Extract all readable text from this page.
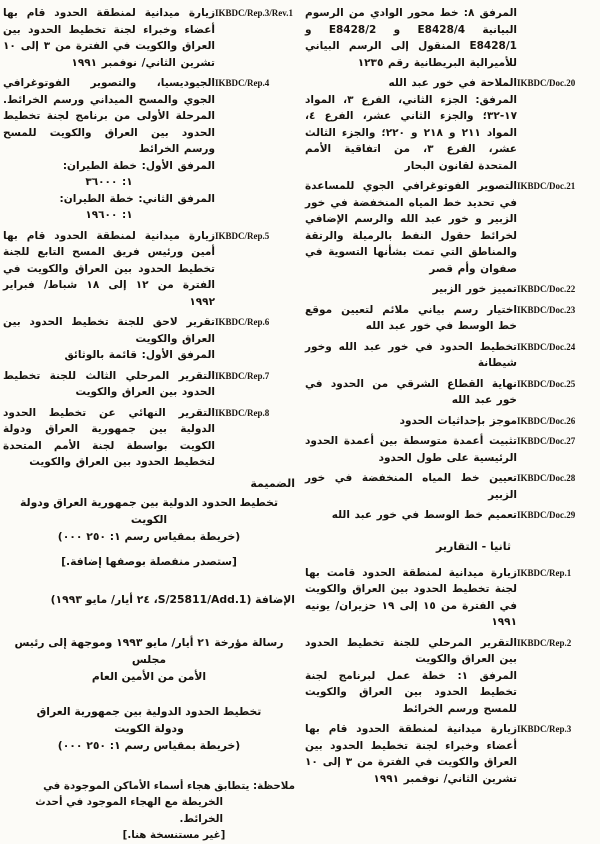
المرفق ٨: خط محور الوادي من الرسوم البيانية E8428/4 و E8428/2 و E8428/1 المنقول إلى الرسم البياني للأميرالية البريطانية رقم ١٢٣٥

IKBDC/Doc.20

الملاحة في خور عبد الله

المرفق: الجزء الثاني، الفرع ٣، المواد ١٧-٣٢؛ والجزء الثاني عشر، الفرع ٤، المواد ٢١١ و ٢١٨ و ٢٢٠؛ والجزء الثالث عشر، الفرع ٣، من اتفاقية الأمم المتحدة لقانون البحار

IKBDC/Doc.21

التصوير الفوتوغرافي الجوي للمساعدة في تحديد خط المياه المنخفضة في خور الزبير و خور عبد الله والرسم الإضافي لخرائط حقول النفط بالرميلة والرتقة والمناطق التي تمت بشأنها التسوية في صفوان وأم قصر

IKBDC/Doc.22

تمييز خور الزبير

IKBDC/Doc.23

اختيار رسم بياني ملائم لتعيين موقع خط الوسط في خور عبد الله

IKBDC/Doc.24

تخطيط الحدود في خور عبد الله وخور شيطانة

IKBDC/Doc.25

نهاية القطاع الشرقي من الحدود في خور عبد الله

IKBDC/Doc.26

موجز بإحداثيات الحدود

IKBDC/Doc.27

تثبيت أعمدة متوسطة بين أعمدة الحدود الرئيسية على طول الحدود

IKBDC/Doc.28

تعيين خط المياه المنخفضة في خور الزبير

IKBDC/Doc.29

تعميم خط الوسط في خور عبد الله

ثانيا - التقارير
IKBDC/Rep.1

زيارة ميدانية لمنطقة الحدود قامت بها لجنة تخطيط الحدود بين العراق والكويت في الفترة من ١٥ إلى ١٩ حزيران/ يونيه ١٩٩١

IKBDC/Rep.2

التقرير المرحلي للجنة تخطيط الحدود بين العراق والكويت

المرفق ١: خطة عمل لبرنامج لجنة تخطيط الحدود بين العراق والكويت للمسح ورسم الخرائط

IKBDC/Rep.3

زيارة ميدانية لمنطقة الحدود قام بها أعضاء وخبراء لجنة تخطيط الحدود بين العراق والكويت في الفترة من ٣ إلى ١٠ تشرين الثاني/ نوفمبر ١٩٩١

IKBDC/Rep.3/Rev.1

زيارة ميدانية لمنطقة الحدود قام بها أعضاء وخبراء لجنة تخطيط الحدود بين العراق والكويت في الفترة من ٣ إلى ١٠ تشرين الثاني/ نوفمبر ١٩٩١

IKBDC/Rep.4

الجيوديسيا، والتصوير الفوتوغرافي الجوي والمسح الميداني ورسم الخرائط. المرحلة الأولى من برنامج لجنة تخطيط الحدود بين العراق والكويت للمسح ورسم الخرائط

المرفق الأول: خطة الطيران:

١: ٣٦٠٠٠

المرفق الثاني: خطة الطيران:

١: ١٩٦٠٠

IKBDC/Rep.5

زيارة ميدانية لمنطقة الحدود قام بها أمين ورئيس فريق المسح التابع للجنة تخطيط الحدود بين العراق والكويت في الفترة من ١٢ إلى ١٨ شباط/ فبراير ١٩٩٢

IKBDC/Rep.6

تقرير لاحق للجنة تخطيط الحدود بين العراق والكويت

المرفق الأول: قائمة بالوثائق

IKBDC/Rep.7

التقرير المرحلي الثالث للجنة تخطيط الحدود بين العراق والكويت

IKBDC/Rep.8

التقرير النهائي عن تخطيط الحدود الدولية بين جمهورية العراق ودولة الكويت بواسطة لجنة الأمم المتحدة لتخطيط الحدود بين العراق والكويت

الضميمة

تخطيط الحدود الدولية بين جمهورية العراق ودولة الكويت

(خريطة بمقياس رسم ١: ٢٥٠ ٠٠٠)

[ستصدر منفصلة بوصفها إضافة.]

الإضافة (S/25811/Add.1، ٢٤ أيار/ مايو ١٩٩٣)

رسالة مؤرخة ٢١ أيار/ مايو ١٩٩٣ وموجهة إلى رئيس مجلس

الأمن من الأمين العام

تخطيط الحدود الدولية بين جمهورية العراق

ودولة الكويت

(خريطة بمقياس رسم ١: ٢٥٠ ٠٠٠)

ملاحظة: يتطابق هجاء أسماء الأماكن الموجودة في

الخريطة مع الهجاء الموجود في أحدث الخرائط.

[غير مستنسخة هنا.]
